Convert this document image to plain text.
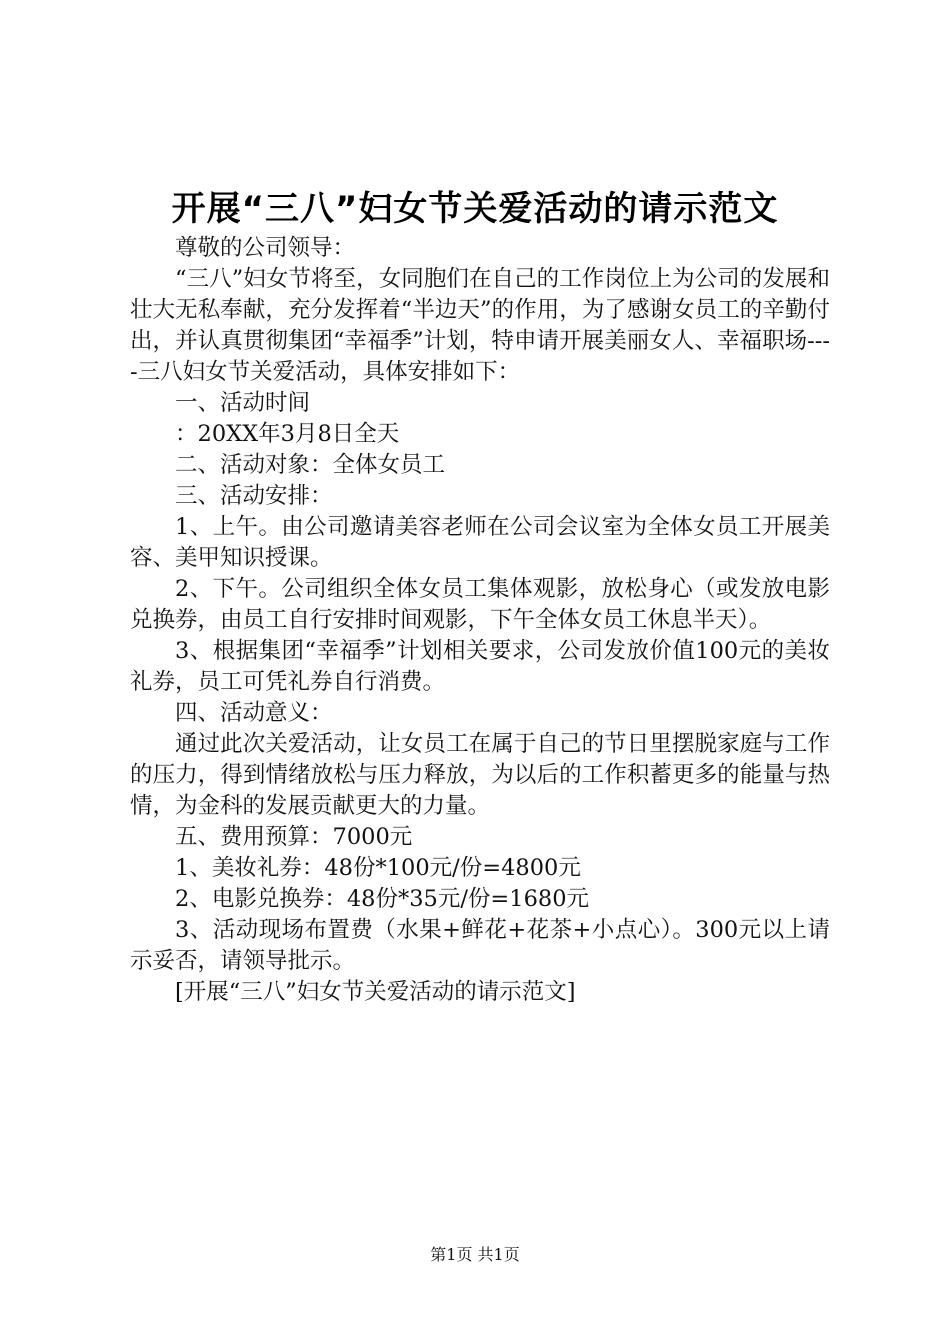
开展“三八”妇女节关爱活动的请示范文

尊敬的公司领导：

“三八”妇女节将至，女同胞们在自己的工作岗位上为公司的发展和壮大无私奉献，充分发挥着“半边天”的作用，为了感谢女员工的辛勤付出，并认真贯彻集团“幸福季”计划，特申请开展美丽女人、幸福职场----三八妇女节关爱活动，具体安排如下：

一、活动时间

：20XX年3月8日全天

二、活动对象：全体女员工

三、活动安排：

1、上午。由公司邀请美容老师在公司会议室为全体女员工开展美容、美甲知识授课。

2、下午。公司组织全体女员工集体观影，放松身心（或发放电影兑换券，由员工自行安排时间观影，下午全体女员工休息半天）。

3、根据集团“幸福季”计划相关要求，公司发放价值100元的美妆礼券，员工可凭礼券自行消费。

四、活动意义：

通过此次关爱活动，让女员工在属于自己的节日里摆脱家庭与工作的压力，得到情绪放松与压力释放，为以后的工作积蓄更多的能量与热情，为金科的发展贡献更大的力量。

五、费用预算：7000元

1、美妆礼券：48份*100元/份=4800元

2、电影兑换券：48份*35元/份=1680元

3、活动现场布置费（水果+鲜花+花茶+小点心）。300元以上请示妥否，请领导批示。

[开展“三八”妇女节关爱活动的请示范文]

第1页 共1页
